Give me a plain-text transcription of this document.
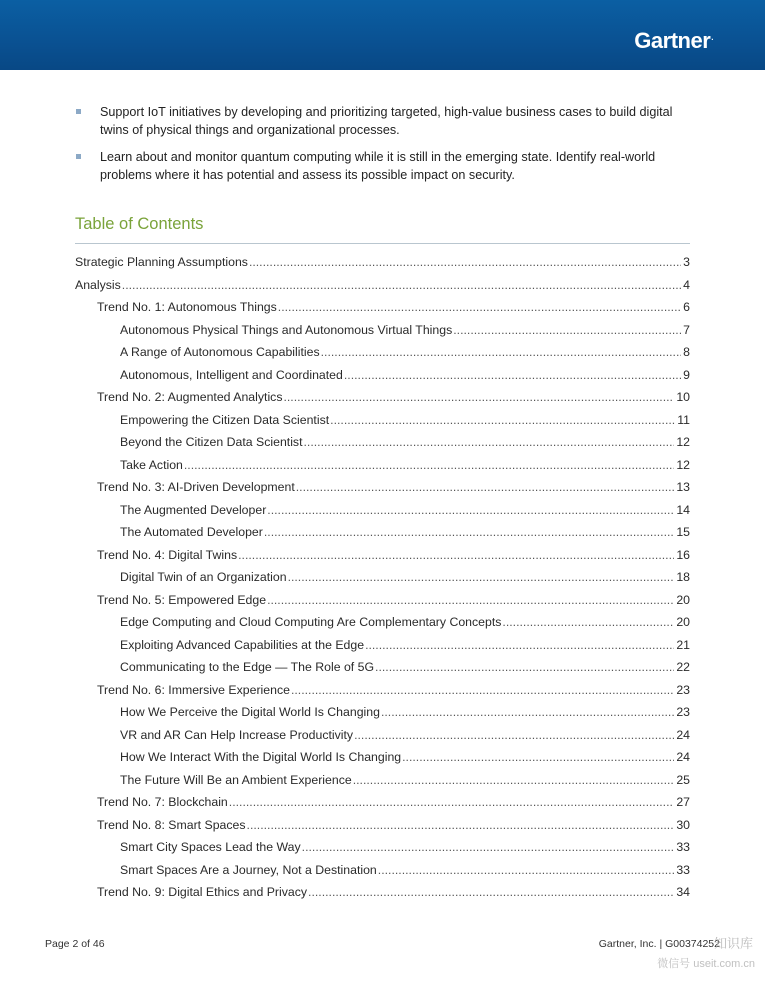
Gartner.
Support IoT initiatives by developing and prioritizing targeted, high-value business cases to build digital twins of physical things and organizational processes.
Learn about and monitor quantum computing while it is still in the emerging state. Identify real-world problems where it has potential and assess its possible impact on security.
Table of Contents
Strategic Planning Assumptions .....	3
Analysis .....	4
Trend No. 1: Autonomous Things .....	6
Autonomous Physical Things and Autonomous Virtual Things .....	7
A Range of Autonomous Capabilities .....	8
Autonomous, Intelligent and Coordinated .....	9
Trend No. 2: Augmented Analytics .....	10
Empowering the Citizen Data Scientist .....	11
Beyond the Citizen Data Scientist .....	12
Take Action .....	12
Trend No. 3: AI-Driven Development .....	13
The Augmented Developer .....	14
The Automated Developer .....	15
Trend No. 4: Digital Twins .....	16
Digital Twin of an Organization .....	18
Trend No. 5: Empowered Edge .....	20
Edge Computing and Cloud Computing Are Complementary Concepts .....	20
Exploiting Advanced Capabilities at the Edge .....	21
Communicating to the Edge — The Role of 5G .....	22
Trend No. 6: Immersive Experience .....	23
How We Perceive the Digital World Is Changing .....	23
VR and AR Can Help Increase Productivity .....	24
How We Interact With the Digital World Is Changing .....	24
The Future Will Be an Ambient Experience .....	25
Trend No. 7: Blockchain .....	27
Trend No. 8: Smart Spaces .....	30
Smart City Spaces Lead the Way .....	33
Smart Spaces Are a Journey, Not a Destination .....	33
Trend No. 9: Digital Ethics and Privacy .....	34
Page 2 of 46	Gartner, Inc. | G00374252
知识库
微信号 useit.com.cn
